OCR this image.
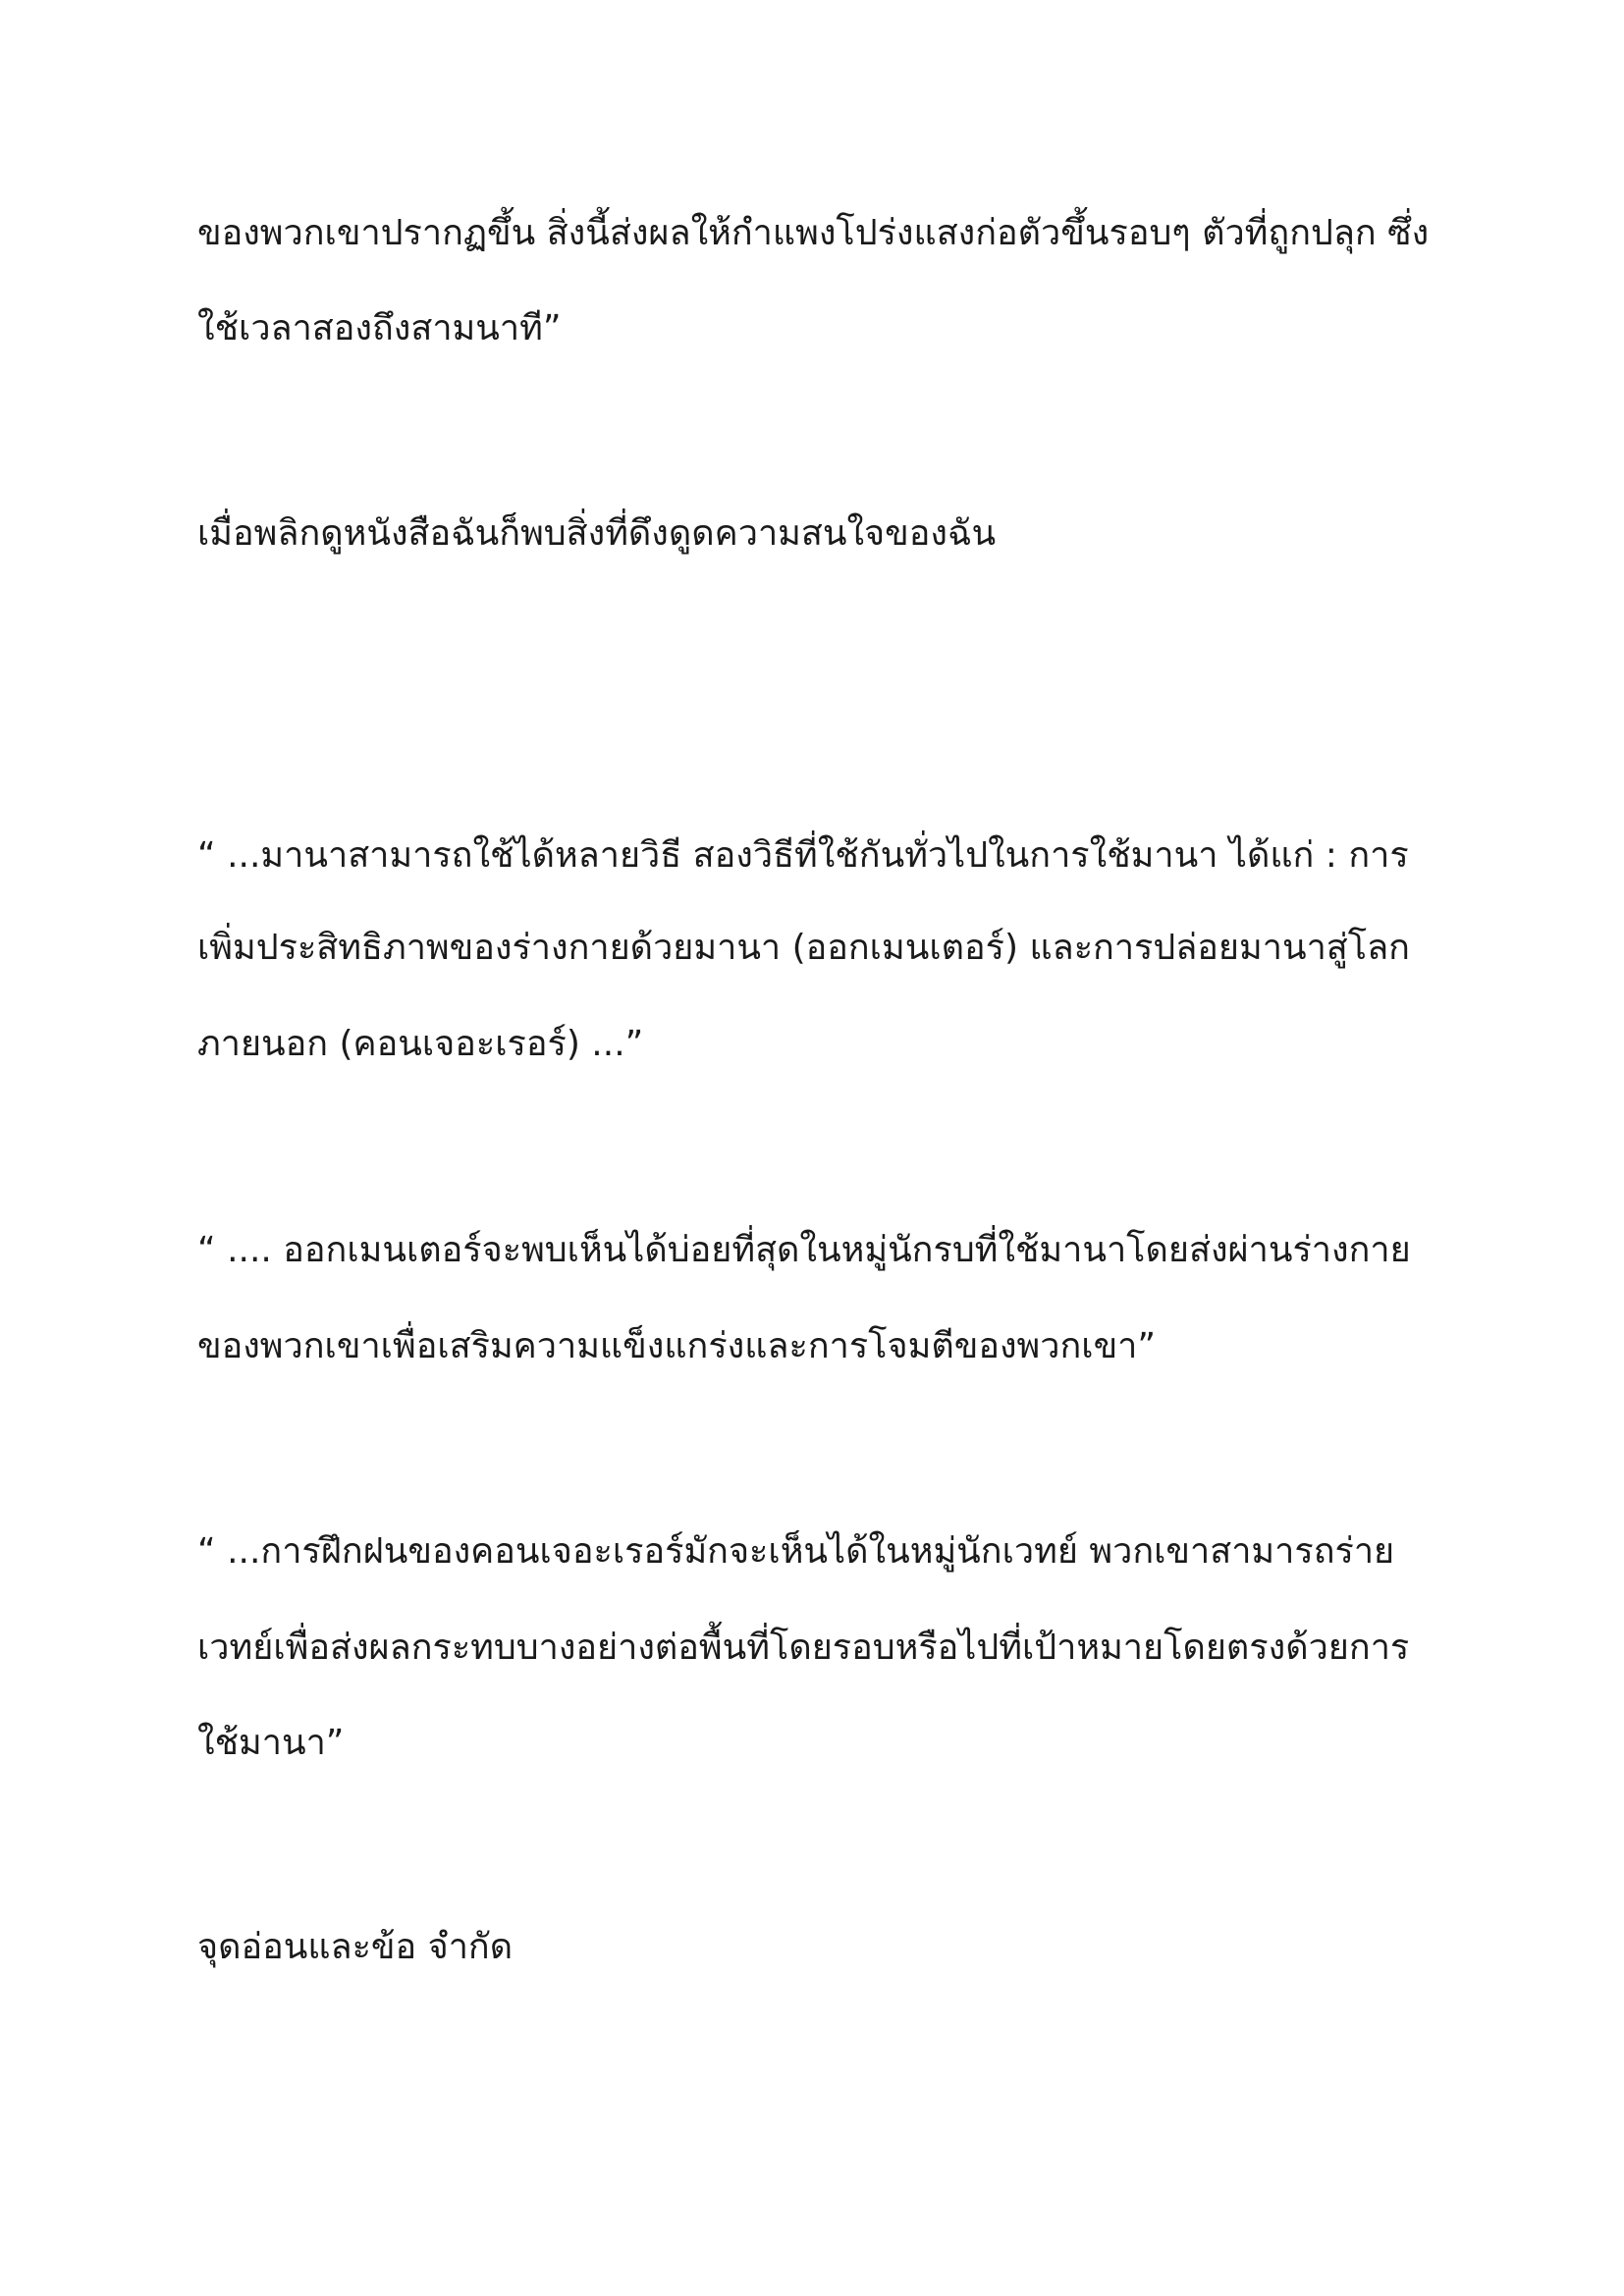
ของพวกเขาปรากฏขึ้น สิ่งนี้ส่งผลให้กำแพงโปร่งแสงก่อตัวขึ้นรอบๆ ตัวที่ถูกปลุก ซึ่ง

ใช้เวลาสองถึงสามนาที”

เมื่อพลิกดูหนังสือฉันก็พบสิ่งที่ดึงดูดความสนใจของฉัน

“ ...มานาสามารถใช้ได้หลายวิธี สองวิธีที่ใช้กันทั่วไปในการใช้มานา ได้แก่ : การ

เพิ่มประสิทธิภาพของร่างกายด้วยมานา (ออกเมนเตอร์) และการปล่อยมานาสู่โลก

ภายนอก (คอนเจอะเรอร์) ...”

“ .... ออกเมนเตอร์จะพบเห็นได้บ่อยที่สุดในหมู่นักรบที่ใช้มานาโดยส่งผ่านร่างกาย

ของพวกเขาเพื่อเสริมความแข็งแกร่งและการโจมตีของพวกเขา”

“ ...การฝึกฝนของคอนเจอะเรอร์มักจะเห็นได้ในหมู่นักเวทย์ พวกเขาสามารถร่าย

เวทย์เพื่อส่งผลกระทบบางอย่างต่อพื้นที่โดยรอบหรือไปที่เป้าหมายโดยตรงด้วยการ

ใช้มานา”

จุดอ่อนและข้อ จำกัด
